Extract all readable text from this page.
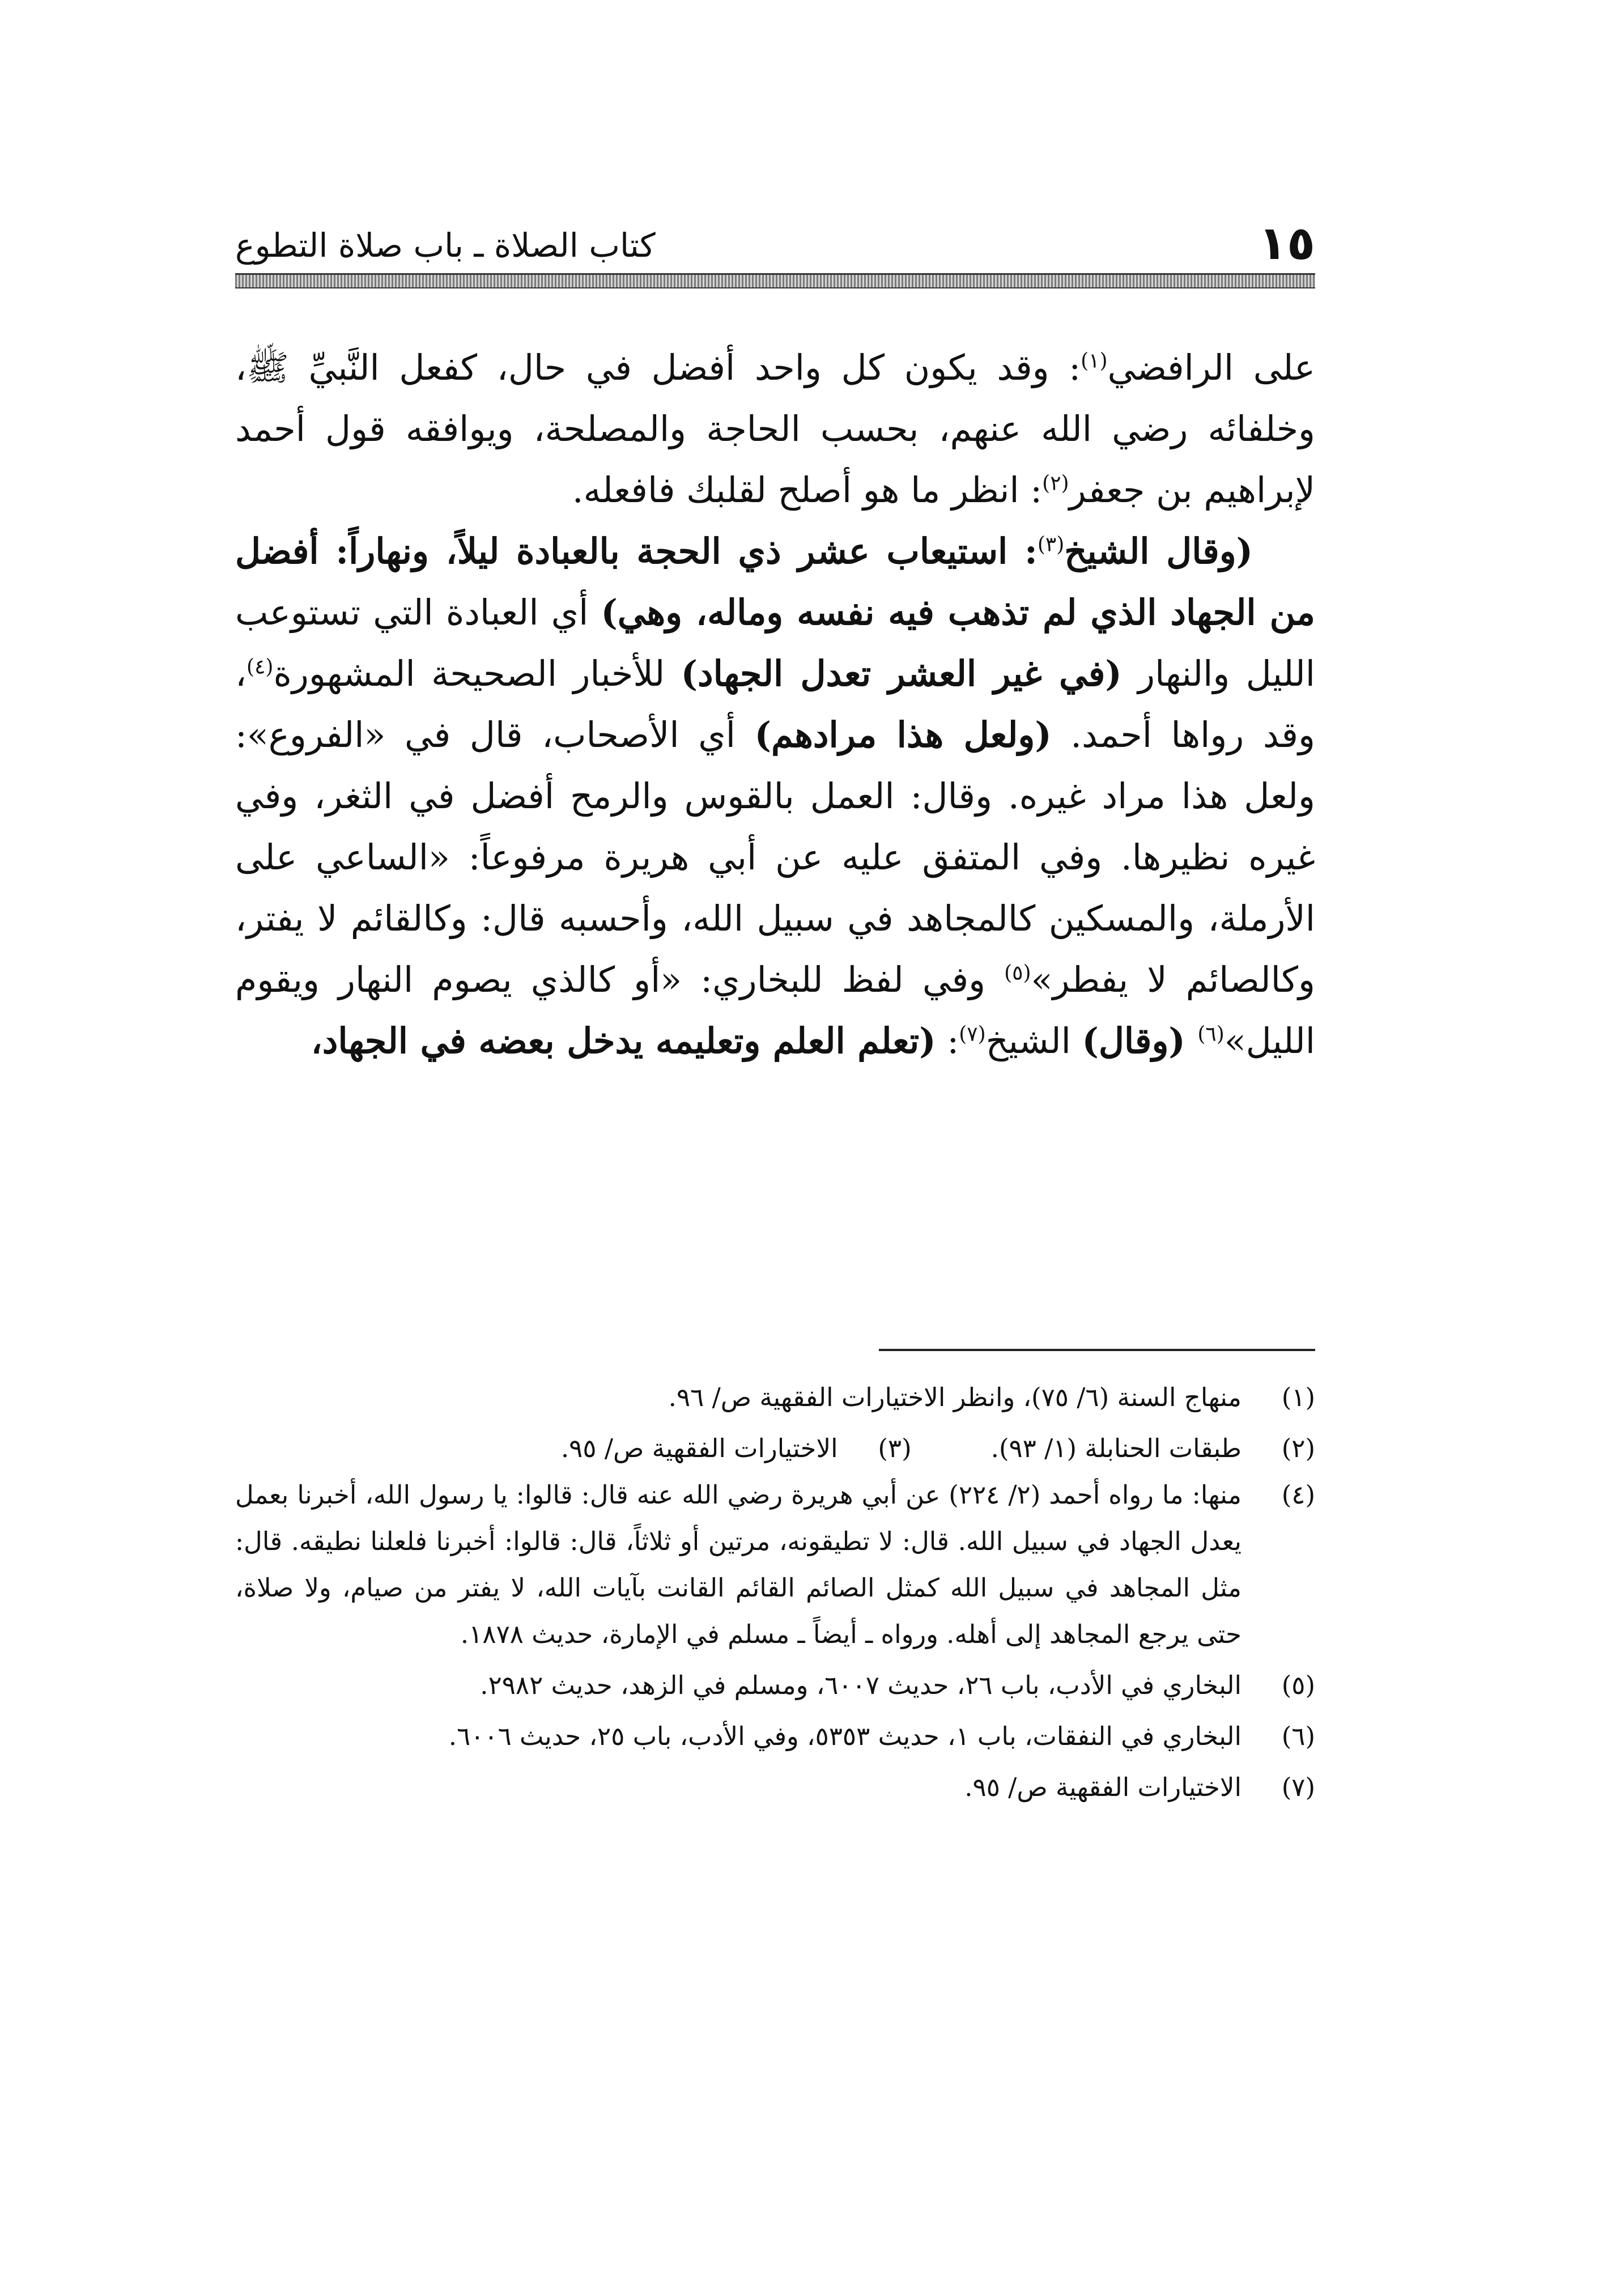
١٥
كتاب الصلاة ـ باب صلاة التطوع

على الرافضي$^{(١)}$: وقد يكون كل واحد أفضل في حال، كفعل النَّبيِّ ﷺ، وخلفائه رضي الله عنهم، بحسب الحاجة والمصلحة، ويوافقه قول أحمد لإبراهيم بن جعفر$^{(٢)}$: انظر ما هو أصلح لقلبك فافعله.

(وقال الشيخ$^{(٣)}$: استيعاب عشر ذي الحجة بالعبادة ليلاً، ونهاراً: أفضل من الجهاد الذي لم تذهب فيه نفسه وماله، وهي) أي العبادة التي تستوعب الليل والنهار (في غير العشر تعدل الجهاد) للأخبار الصحيحة المشهورة$^{(٤)}$، وقد رواها أحمد. (ولعل هذا مرادهم) أي الأصحاب، قال في «الفروع»: ولعل هذا مراد غيره. وقال: العمل بالقوس والرمح أفضل في الثغر، وفي غيره نظيرها. وفي المتفق عليه عن أبي هريرة مرفوعاً: «الساعي على الأرملة، والمسكين كالمجاهد في سبيل الله، وأحسبه قال: وكالقائم لا يفتر، وكالصائم لا يفطر»$^{(٥)}$ وفي لفظ للبخاري: «أو كالذي يصوم النهار ويقوم الليل»$^{(٦)}$ (وقال) الشيخ$^{(٧)}$: (تعلم العلم وتعليمه يدخل بعضه في الجهاد،

(١)
منهاج السنة (٦/ ٧٥)، وانظر الاختيارات الفقهية ص/ ٩٦.
(٢)
طبقات الحنابلة (١/ ٩٣).
(٣)
الاختيارات الفقهية ص/ ٩٥.
(٤)
منها: ما رواه أحمد (٢/ ٢٢٤) عن أبي هريرة رضي الله عنه قال: قالوا: يا رسول الله، أخبرنا بعمل يعدل الجهاد في سبيل الله. قال: لا تطيقونه، مرتين أو ثلاثاً، قال: قالوا: أخبرنا فلعلنا نطيقه. قال: مثل المجاهد في سبيل الله كمثل الصائم القائم القانت بآيات الله، لا يفتر من صيام، ولا صلاة، حتى يرجع المجاهد إلى أهله. ورواه ـ أيضاً ـ مسلم في الإمارة، حديث ١٨٧٨.
(٥)
البخاري في الأدب، باب ٢٦، حديث ٦٠٠٧، ومسلم في الزهد، حديث ٢٩٨٢.
(٦)
البخاري في النفقات، باب ١، حديث ٥٣٥٣، وفي الأدب، باب ٢٥، حديث ٦٠٠٦.
(٧)
الاختيارات الفقهية ص/ ٩٥.
